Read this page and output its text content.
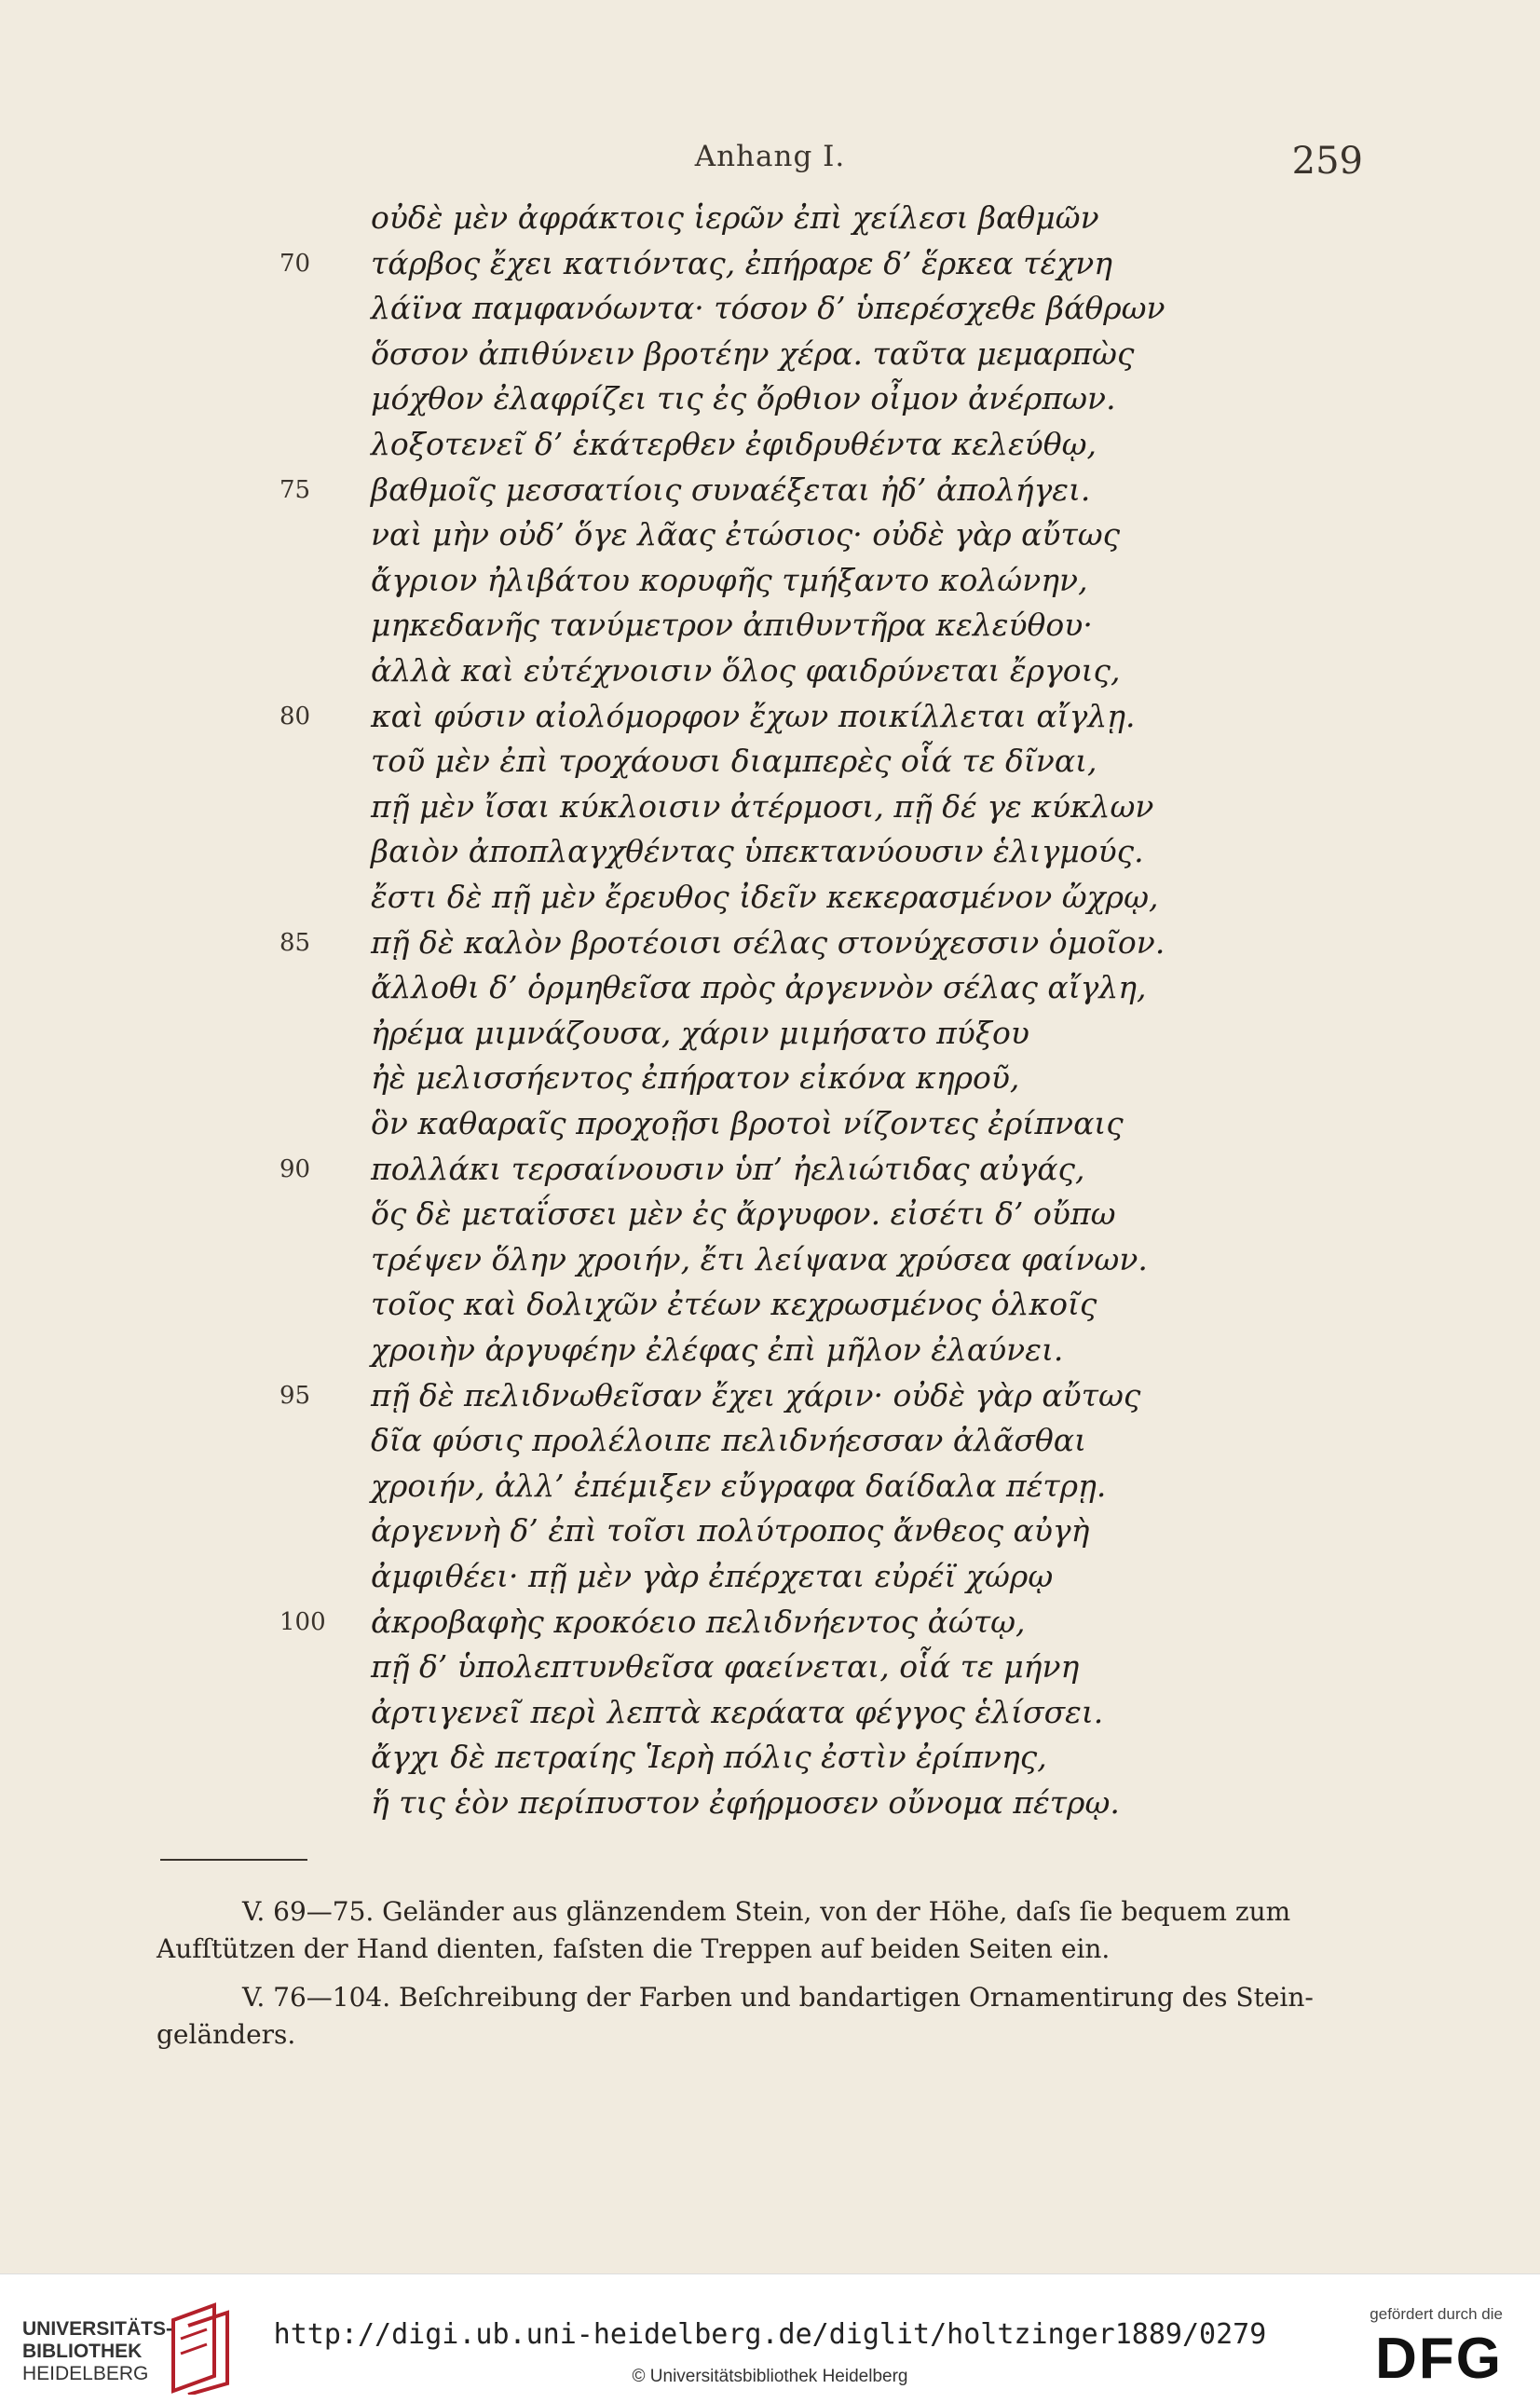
Anhang I.	259
οὐδὲ μὲν ἀφράκτοις ἱερῶν ἐπὶ χείλεσι βαθμῶν
70	τάρβος ἔχει κατιόντας, ἐπήραρε δ’ ἕρκεα τέχνη
λάϊνα παμφανόωντα· τόσον δ’ ὑπερέσχεθε βάθρων
ὅσσον ἀπιθύνειν βροτέην χέρα. ταῦτα μεμαρπὼς
μόχθον ἐλαφρίζει τις ἐς ὄρθιον οἶμον ἀνέρπων.
λοξοτενεῖ δ’ ἑκάτερθεν ἐφιδρυθέντα κελεύθῳ,
75	βαθμοῖς μεσσατίοις συναέξεται ἠδ’ ἀπολήγει.
ναὶ μὴν οὐδ’ ὅγε λᾶας ἐτώσιος· οὐδὲ γὰρ αὔτως
ἄγριον ἠλιβάτου κορυφῆς τμήξαντο κολώνην,
μηκεδανῆς τανύμετρον ἀπιθυντῆρα κελεύθου·
ἀλλὰ καὶ εὐτέχνοισιν ὅλος φαιδρύνεται ἔργοις,
80	καὶ φύσιν αἰολόμορφον ἔχων ποικίλλεται αἴγλῃ.
τοῦ μὲν ἐπὶ τροχάουσι διαμπερὲς οἷά τε δῖναι,
πῇ μὲν ἴσαι κύκλοισιν ἀτέρμοσι, πῇ δέ γε κύκλων
βαιὸν ἀποπλαγχθέντας ὑπεκτανύουσιν ἑλιγμούς.
ἔστι δὲ πῇ μὲν ἔρευθος ἰδεῖν κεκερασμένον ὤχρῳ,
85	πῇ δὲ καλὸν βροτέοισι σέλας στονύχεσσιν ὁμοῖον.
ἄλλοθι δ’ ὁρμηθεῖσα πρὸς ἀργεννὸν σέλας αἴγλη,
ἠρέμα μιμνάζουσα, χάριν μιμήσατο πύξου
ἠὲ μελισσήεντος ἐπήρατον εἰκόνα κηροῦ,
ὃν καθαραῖς προχοῇσι βροτοὶ νίζοντες ἐρίπναις
90	πολλάκι τερσαίνουσιν ὑπ’ ἠελιώτιδας αὐγάς,
ὅς δὲ μεταΐσσει μὲν ἐς ἄργυφον. εἰσέτι δ’ οὔπω
τρέψεν ὅλην χροιήν, ἔτι λείψανα χρύσεα φαίνων.
τοῖος καὶ δολιχῶν ἐτέων κεχρωσμένος ὁλκοῖς
χροιὴν ἀργυφέην ἐλέφας ἐπὶ μῆλον ἐλαύνει.
95	πῇ δὲ πελιδνωθεῖσαν ἔχει χάριν· οὐδὲ γὰρ αὔτως
δῖα φύσις προλέλοιπε πελιδνήεσσαν ἀλᾶσθαι
χροιήν, ἀλλ’ ἐπέμιξεν εὔγραφα δαίδαλα πέτρῃ.
ἀργεννὴ δ’ ἐπὶ τοῖσι πολύτροπος ἄνθεος αὐγὴ
ἀμφιθέει· πῇ μὲν γὰρ ἐπέρχεται εὐρέϊ χώρῳ
100	ἀκροβαφὴς κροκόειο πελιδνήεντος ἀώτῳ,
πῇ δ’ ὑπολεπτυνθεῖσα φαείνεται, οἷά τε μήνη
ἀρτιγενεῖ περὶ λεπτὰ κεράατα φέγγος ἑλίσσει.
ἄγχι δὲ πετραίης Ἱερὴ πόλις ἐστὶν ἐρίπνης,
ἥ τις ἑὸν περίπυστον ἐφήρμοσεν οὔνομα πέτρῳ.
V. 69—75. Geländer aus glänzendem Stein, von der Höhe, daſs ſie bequem zum
Aufſtützen der Hand dienten, faſsten die Treppen auf beiden Seiten ein.
V. 76—104. Beſchreibung der Farben und bandartigen Ornamentirung des Stein-
geländers.
UNIVERSITÄTS-
BIBLIOTHEK

HEIDELBERG
http://digi.ub.uni-heidelberg.de/diglit/holtzinger1889/0279
© Universitätsbibliothek Heidelberg
gefördert durch die
DFG
